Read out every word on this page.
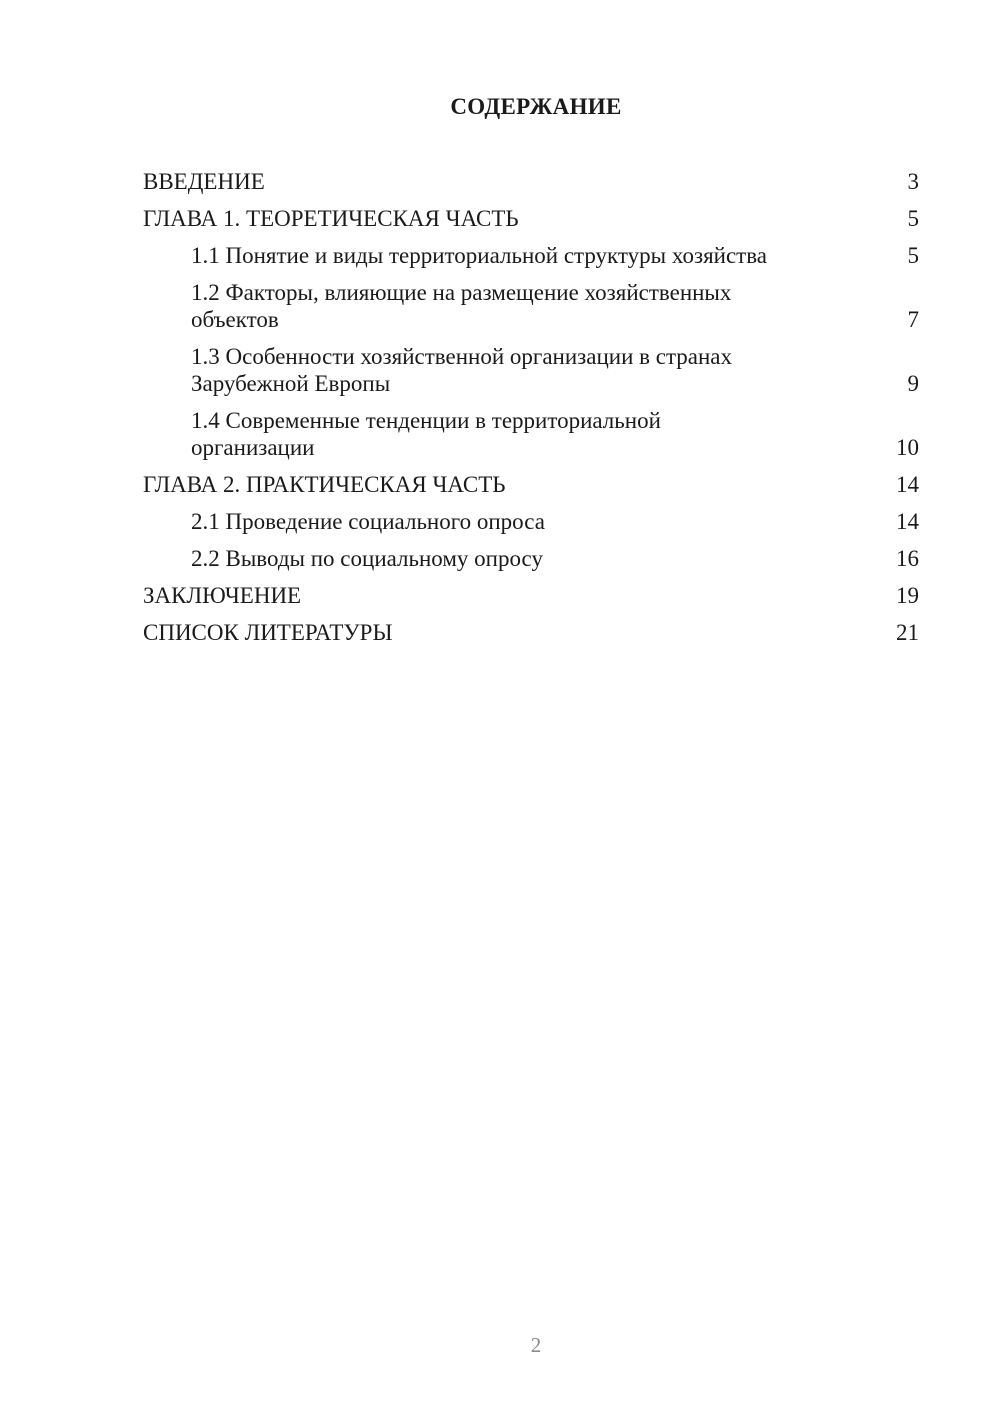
СОДЕРЖАНИЕ
ВВЕДЕНИЕ	3
ГЛАВА 1. ТЕОРЕТИЧЕСКАЯ ЧАСТЬ	5
1.1 Понятие и виды территориальной структуры хозяйства	5
1.2 Факторы, влияющие на размещение хозяйственных объектов	7
1.3 Особенности хозяйственной организации в странах Зарубежной Европы	9
1.4 Современные тенденции в территориальной организации	10
ГЛАВА 2. ПРАКТИЧЕСКАЯ ЧАСТЬ	14
2.1 Проведение социального опроса	14
2.2 Выводы по социальному опросу	16
ЗАКЛЮЧЕНИЕ	19
СПИСОК ЛИТЕРАТУРЫ	21
2
